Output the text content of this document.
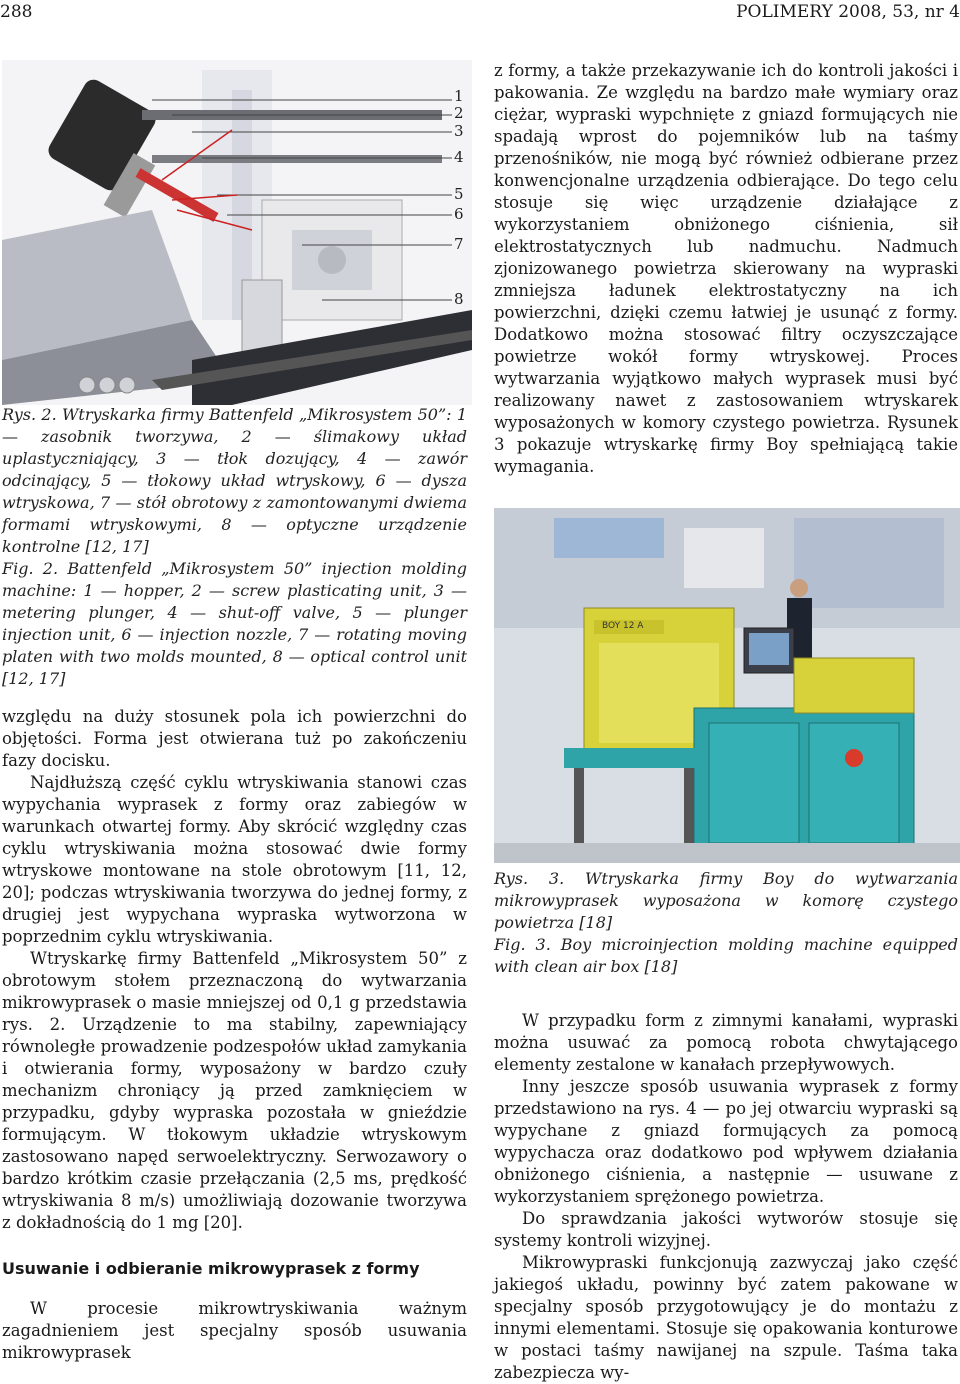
288	POLIMERY 2008, 53, nr 4
1
2
3
4
5
6
7
8

Rys. 2. Wtryskarka firmy Battenfeld „Mikrosystem 50”: 1 — zasobnik tworzywa, 2 — ślimakowy układ uplastyczniający, 3 — tłok dozujący, 4 — zawór odcinający, 5 — tłokowy układ wtryskowy, 6 — dysza wtryskowa, 7 — stół obrotowy z zamontowanymi dwiema formami wtryskowymi, 8 — optyczne urządzenie kontrolne [12, 17]

Fig. 2. Battenfeld „Mikrosystem 50” injection molding machine: 1 — hopper, 2 — screw plasticating unit, 3 — metering plunger, 4 — shut-off valve, 5 — plunger injection unit, 6 — injection nozzle, 7 — rotating moving platen with two molds mounted, 8 — optical control unit [12, 17]

z formy, a także przekazywanie ich do kontroli jakości i pakowania. Ze względu na bardzo małe wymiary oraz ciężar, wypraski wypchnięte z gniazd formujących nie spadają wprost do pojemników lub na taśmy przenośników, nie mogą być również odbierane przez konwencjonalne urządzenia odbierające. Do tego celu stosuje się więc urządzenie działające z wykorzystaniem obniżonego ciśnienia, sił elektrostatycznych lub nadmuchu. Nadmuch zjonizowanego powietrza skierowany na wypraski zmniejsza ładunek elektrostatyczny na ich powierzchni, dzięki czemu łatwiej je usunąć z formy. Dodatkowo można stosować filtry oczyszczające powietrze wokół formy wtryskowej. Proces wytwarzania wyjątkowo małych wyprasek musi być realizowany nawet z zastosowaniem wtryskarek wyposażonych w komory czystego powietrza. Rysunek 3 pokazuje wtryskarkę firmy Boy spełniającą takie wymagania.

BOY 12 A

Rys. 3. Wtryskarka firmy Boy do wytwarzania mikrowyprasek wyposażona w komorę czystego powietrza [18]

Fig. 3. Boy microinjection molding machine equipped with clean air box [18]

względu na duży stosunek pola ich powierzchni do objętości. Forma jest otwierana tuż po zakończeniu fazy docisku.

Najdłuższą część cyklu wtryskiwania stanowi czas wypychania wyprasek z formy oraz zabiegów w warunkach otwartej formy. Aby skrócić względny czas cyklu wtryskiwania można stosować dwie formy wtryskowe montowane na stole obrotowym [11, 12, 20]; podczas wtryskiwania tworzywa do jednej formy, z drugiej jest wypychana wypraska wytworzona w poprzednim cyklu wtryskiwania.

Wtryskarkę firmy Battenfeld „Mikrosystem 50” z obrotowym stołem przeznaczoną do wytwarzania mikrowyprasek o masie mniejszej od 0,1 g przedstawia rys. 2. Urządzenie to ma stabilny, zapewniający równoległe prowadzenie podzespołów układ zamykania i otwierania formy, wyposażony w bardzo czuły mechanizm chroniący ją przed zamknięciem w przypadku, gdyby wypraska pozostała w gnieździe formującym. W tłokowym układzie wtryskowym zastosowano napęd serwoelektryczny. Serwozawory o bardzo krótkim czasie przełączania (2,5 ms, prędkość wtryskiwania 8 m/s) umożliwiają dozowanie tworzywa z dokładnością do 1 mg [20].

Usuwanie i odbieranie mikrowyprasek z formy

W procesie mikrowtryskiwania ważnym zagadnieniem jest specjalny sposób usuwania mikrowyprasek

W przypadku form z zimnymi kanałami, wypraski można usuwać za pomocą robota chwytającego elementy zestalone w kanałach przepływowych.

Inny jeszcze sposób usuwania wyprasek z formy przedstawiono na rys. 4 — po jej otwarciu wypraski są wypychane z gniazd formujących za pomocą wypychacza oraz dodatkowo pod wpływem działania obniżonego ciśnienia, a następnie — usuwane z wykorzystaniem sprężonego powietrza.

Do sprawdzania jakości wytworów stosuje się systemy kontroli wizyjnej.

Mikrowypraski funkcjonują zazwyczaj jako część jakiegoś układu, powinny być zatem pakowane w specjalny sposób przygotowujący je do montażu z innymi elementami. Stosuje się opakowania konturowe w postaci taśmy nawijanej na szpule. Taśma taka zabezpiecza wy-
